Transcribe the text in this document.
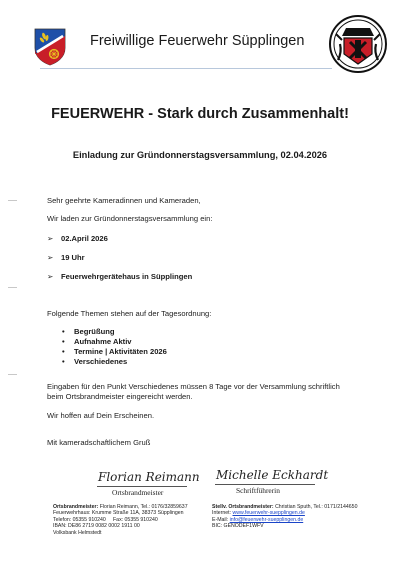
Freiwillige Feuerwehr Süpplingen
FEUERWEHR - Stark durch Zusammenhalt!
Einladung zur Gründonnerstagsversammlung, 02.04.2026
Sehr geehrte Kameradinnen und Kameraden,
Wir laden zur Gründonnerstagsversammlung ein:
➢ 02.April 2026
➢ 19 Uhr
➢ Feuerwehrgerätehaus in Süpplingen
Folgende Themen stehen auf der Tagesordnung:
• Begrüßung
• Aufnahme Aktiv
• Termine | Aktivitäten 2026
• Verschiedenes
Eingaben für den Punkt Verschiedenes müssen 8 Tage vor der Versammlung schriftlich
beim Ortsbrandmeister eingereicht werden.
Wir hoffen auf Dein Erscheinen.
Mit kameradschaftlichem Gruß
Florian Reimann
Ortsbrandmeister
Michelle Eckhardt
Schriftführerin
Ortsbrandmeister: Florian Reimann, Tel.: 0176/32859637
Feuerwehrhaus: Krumme Straße 11A, 38373 Süpplingen
Telefon: 05355 910240 Fax: 05355 910240
IBAN: DE86 2719 0082 0002 1911 00
Volksbank Helmstedt
Stellv. Ortsbrandmeister: Christian Sputh, Tel.: 0171/2144650
Internet: www.feuerwehr-suepplingen.de
E-Mail: info@feuerwehr-suepplingen.de
BIC: GENODEF1WFV
